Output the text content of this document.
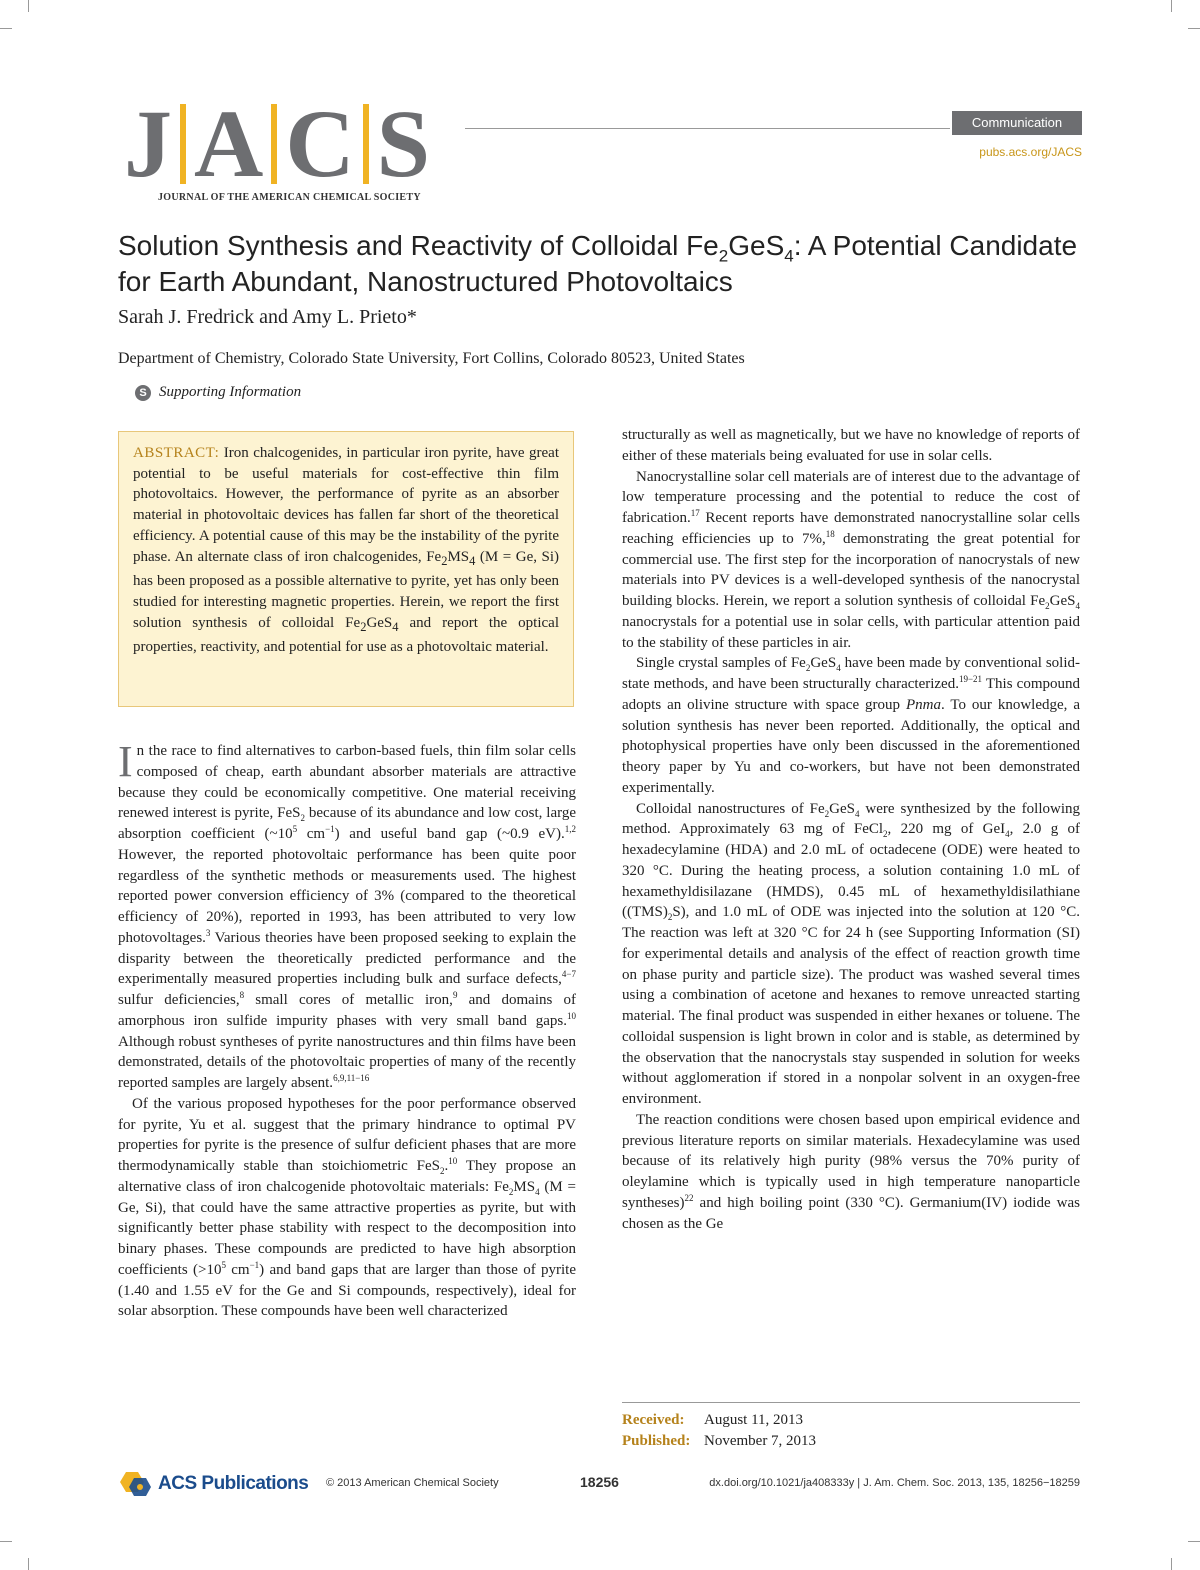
J A C S
JOURNAL OF THE AMERICAN CHEMICAL SOCIETY
Communication
pubs.acs.org/JACS
Solution Synthesis and Reactivity of Colloidal $Fe_2GeS_4$: A Potential Candidate for Earth Abundant, Nanostructured Photovoltaics
Sarah J. Fredrick and Amy L. Prieto*
Department of Chemistry, Colorado State University, Fort Collins, Colorado 80523, United States
S Supporting Information
ABSTRACT: Iron chalcogenides, in particular iron pyrite, have great potential to be useful materials for cost-effective thin film photovoltaics. However, the performance of pyrite as an absorber material in photovoltaic devices has fallen far short of the theoretical efficiency. A potential cause of this may be the instability of the pyrite phase. An alternate class of iron chalcogenides, $Fe_2MS_4$ (M = Ge, Si) has been proposed as a possible alternative to pyrite, yet has only been studied for interesting magnetic properties. Herein, we report the first solution synthesis of colloidal $Fe_2GeS_4$ and report the optical properties, reactivity, and potential for use as a photovoltaic material.

In the race to find alternatives to carbon-based fuels, thin film solar cells composed of cheap, earth abundant absorber materials are attractive because they could be economically competitive. One material receiving renewed interest is pyrite, FeS$_2$ because of its abundance and low cost, large absorption coefficient ($\sim 10^5$ $cm^{-1}$) and useful band gap (~0.9 eV).$^{1,2}$ However, the reported photovoltaic performance has been quite poor regardless of the synthetic methods or measurements used. The highest reported power conversion efficiency of 3% (compared to the theoretical efficiency of 20%), reported in 1993, has been attributed to very low photovoltages.$^3$ Various theories have been proposed seeking to explain the disparity between the theoretically predicted performance and the experimentally measured properties including bulk and surface defects,$^{4-7}$ sulfur deficiencies,$^8$ small cores of metallic iron,$^9$ and domains of amorphous iron sulfide impurity phases with very small band gaps.$^{10}$ Although robust syntheses of pyrite nanostructures and thin films have been demonstrated, details of the photovoltaic properties of many of the recently reported samples are largely absent.$^{6,9,11-16}$

Of the various proposed hypotheses for the poor performance observed for pyrite, Yu et al. suggest that the primary hindrance to optimal PV properties for pyrite is the presence of sulfur deficient phases that are more thermodynamically stable than stoichiometric FeS$_2$.$^{10}$ They propose an alternative class of iron chalcogenide photovoltaic materials: $Fe_2MS_4$ (M = Ge, Si), that could have the same attractive properties as pyrite, but with significantly better phase stability with respect to the decomposition into binary phases. These compounds are predicted to have high absorption coefficients ($>10^5$ $cm^{-1}$) and band gaps that are larger than those of pyrite (1.40 and 1.55 eV for the Ge and Si compounds, respectively), ideal for solar absorption. These compounds have been well characterized

structurally as well as magnetically, but we have no knowledge of reports of either of these materials being evaluated for use in solar cells.

Nanocrystalline solar cell materials are of interest due to the advantage of low temperature processing and the potential to reduce the cost of fabrication.$^{17}$ Recent reports have demonstrated nanocrystalline solar cells reaching efficiencies up to 7%,$^{18}$ demonstrating the great potential for commercial use. The first step for the incorporation of nanocrystals of new materials into PV devices is a well-developed synthesis of the nanocrystal building blocks. Herein, we report a solution synthesis of colloidal $Fe_2GeS_4$ nanocrystals for a potential use in solar cells, with particular attention paid to the stability of these particles in air.

Single crystal samples of $Fe_2GeS_4$ have been made by conventional solid-state methods, and have been structurally characterized.$^{19-21}$ This compound adopts an olivine structure with space group Pnma. To our knowledge, a solution synthesis has never been reported. Additionally, the optical and photophysical properties have only been discussed in the aforementioned theory paper by Yu and co-workers, but have not been demonstrated experimentally.

Colloidal nanostructures of $Fe_2GeS_4$ were synthesized by the following method. Approximately 63 mg of FeCl$_2$, 220 mg of GeI$_4$, 2.0 g of hexadecylamine (HDA) and 2.0 mL of octadecene (ODE) were heated to 320 °C. During the heating process, a solution containing 1.0 mL of hexamethyldisilazane (HMDS), 0.45 mL of hexamethyldisilathiane $((TMS)_2S)$, and 1.0 mL of ODE was injected into the solution at 120 °C. The reaction was left at 320 °C for 24 h (see Supporting Information (SI) for experimental details and analysis of the effect of reaction growth time on phase purity and particle size). The product was washed several times using a combination of acetone and hexanes to remove unreacted starting material. The final product was suspended in either hexanes or toluene. The colloidal suspension is light brown in color and is stable, as determined by the observation that the nanocrystals stay suspended in solution for weeks without agglomeration if stored in a nonpolar solvent in an oxygen-free environment.

The reaction conditions were chosen based upon empirical evidence and previous literature reports on similar materials. Hexadecylamine was used because of its relatively high purity (98% versus the 70% purity of oleylamine which is typically used in high temperature nanoparticle syntheses)$^{22}$ and high boiling point (330 °C). Germanium(IV) iodide was chosen as the Ge

Received: August 11, 2013
Published: November 7, 2013
ACS Publications © 2013 American Chemical Society	18256	dx.doi.org/10.1021/ja408333y | J. Am. Chem. Soc. 2013, 135, 18256−18259
